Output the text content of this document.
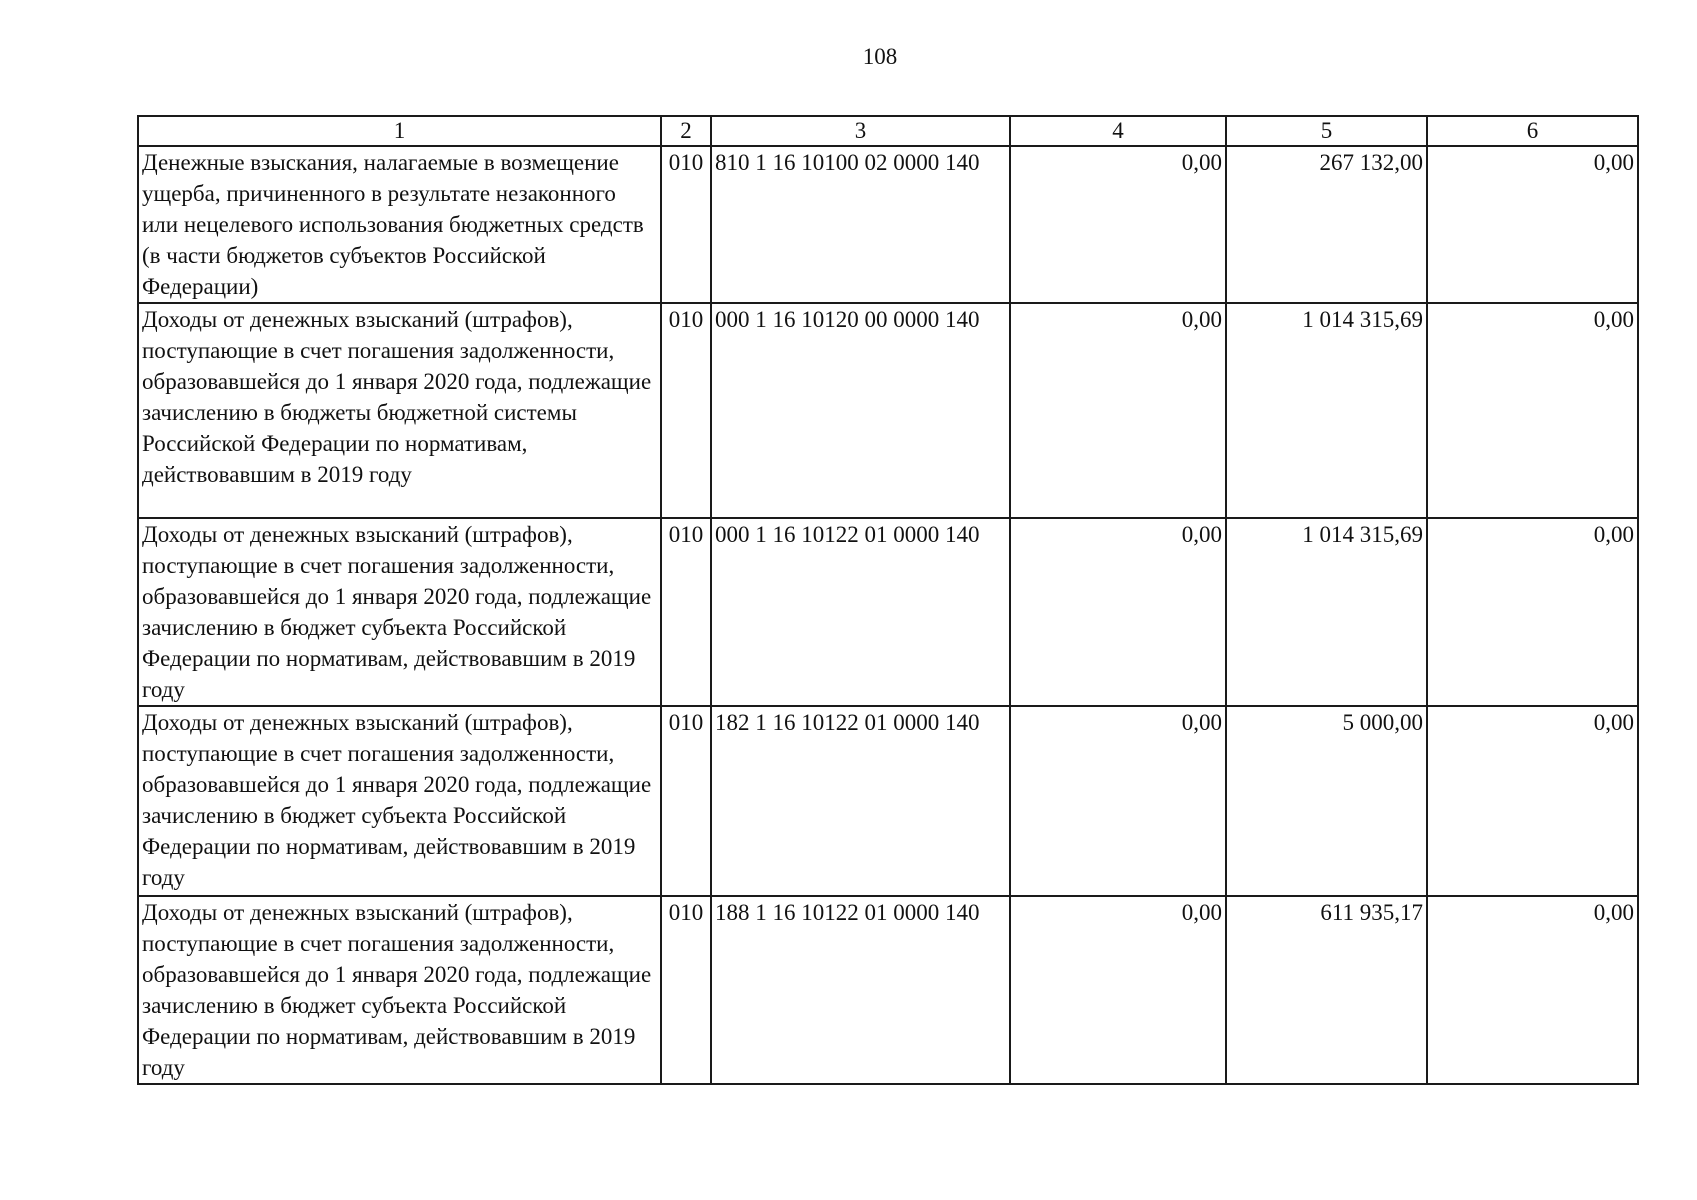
108
1	2	3	4	5	6
Денежные взыскания, налагаемые в возмещение ущерба, причиненного в результате незаконного или нецелевого использования бюджетных средств (в части бюджетов субъектов Российской Федерации)	010	810 1 16 10100 02 0000 140	0,00	267 132,00	0,00
Доходы от денежных взысканий (штрафов), поступающие в счет погашения задолженности, образовавшейся до 1 января 2020 года, подлежащие зачислению в бюджеты бюджетной системы Российской Федерации по нормативам, действовавшим в 2019 году	010	000 1 16 10120 00 0000 140	0,00	1 014 315,69	0,00
Доходы от денежных взысканий (штрафов), поступающие в счет погашения задолженности, образовавшейся до 1 января 2020 года, подлежащие зачислению в бюджет субъекта Российской Федерации по нормативам, действовавшим в 2019 году	010	000 1 16 10122 01 0000 140	0,00	1 014 315,69	0,00
Доходы от денежных взысканий (штрафов), поступающие в счет погашения задолженности, образовавшейся до 1 января 2020 года, подлежащие зачислению в бюджет субъекта Российской Федерации по нормативам, действовавшим в 2019 году	010	182 1 16 10122 01 0000 140	0,00	5 000,00	0,00
Доходы от денежных взысканий (штрафов), поступающие в счет погашения задолженности, образовавшейся до 1 января 2020 года, подлежащие зачислению в бюджет субъекта Российской Федерации по нормативам, действовавшим в 2019 году	010	188 1 16 10122 01 0000 140	0,00	611 935,17	0,00
